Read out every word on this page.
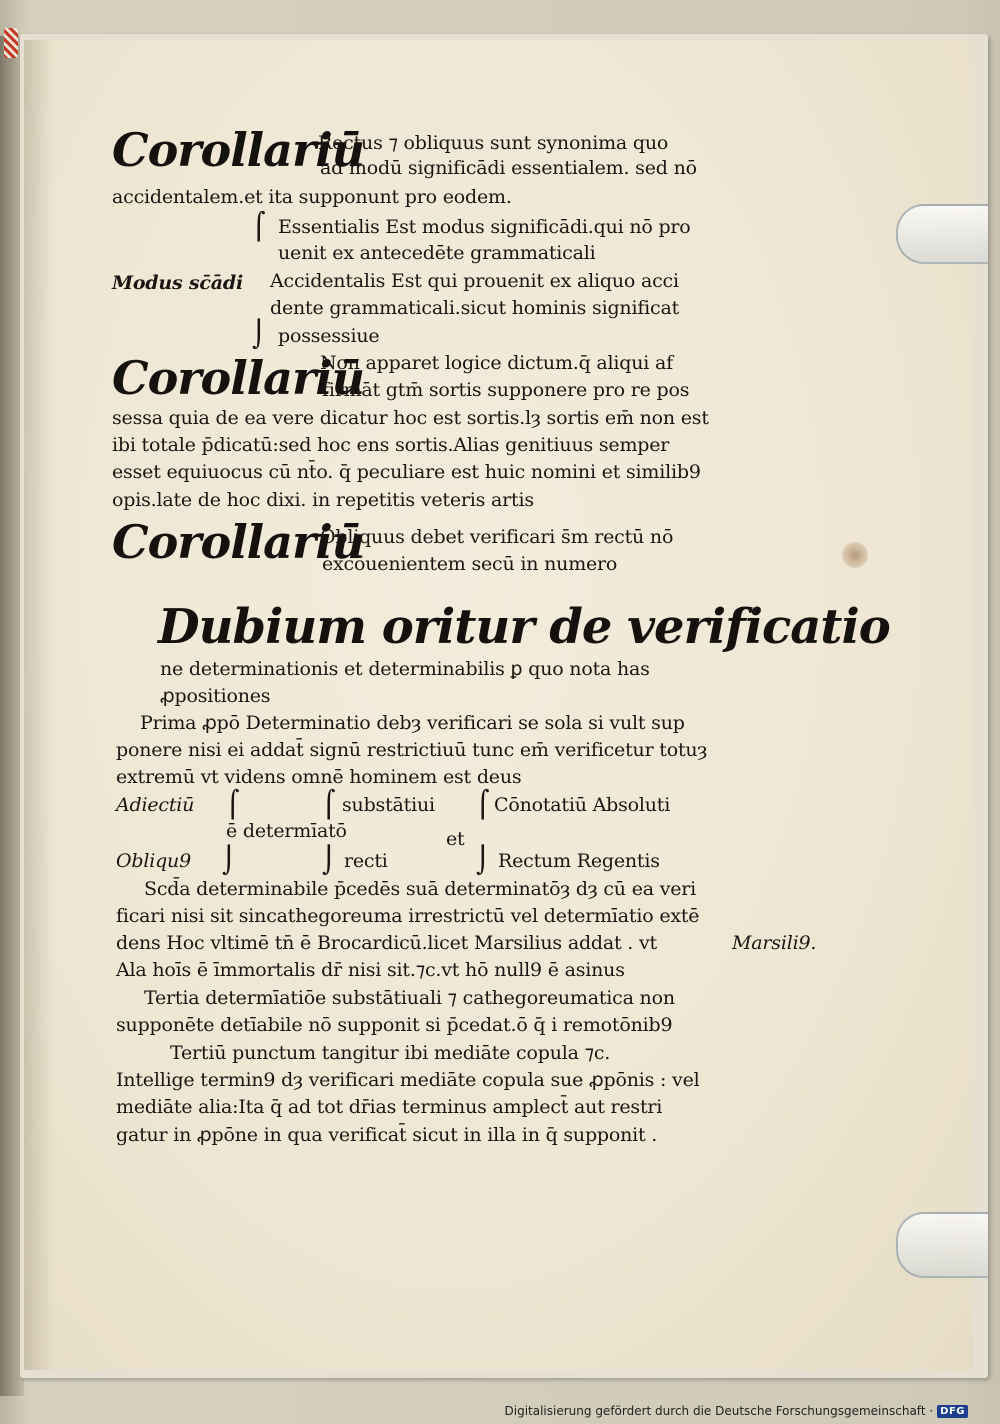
Corollariū
Rectus ⁊ obliquus sunt synonima quo
ad modū significādi essentialem. sed nō
accidentalem.et ita supponunt pro eodem.
⌠ Essentialis Est modus significādi.qui nō pro
uenit ex antecedēte grammaticali
Modus sc̄ādi Accidentalis Est qui prouenit ex aliquo acci
dente grammaticali.sicut hominis significat
⌡ possessiue
Corollariū
Non apparet logice dictum.q̄ aliqui af
firmāt gtm̄ sortis supponere pro re pos
sessa quia de ea vere dicatur hoc est sortis.lȝ sortis em̄ non est
ibi totale p̄dicatū:sed hoc ens sortis.Alias genitiuus semper
esset equiuocus cū nt̄o. q̄ peculiare est huic nomini et similib9
opis.late de hoc dixi. in repetitis veteris artis
Corollariū
Obliquus debet verificari s̄m rectū nō
excōuenientem secū in numero
Dubium oritur de verificatio
ne determinationis et determinabilis ꝑ quo nota has
ꝓpositiones
Prima ꝓpō Determinatio debȝ verificari se sola si vult sup
ponere nisi ei addat̄ signū restrictiuū tunc em̄ verificetur totuȝ
extremū vt videns omnē hominem est deus
Adiectiū ⌠	⌠ substātiui ⌠ Cōnotatiū Absoluti
ē determīatō	et
Obliqu9 ⌡	⌡ recti	⌡ Rectum Regentis
Scd̄a determinabile p̄cedēs suā determinatōȝ dȝ cū ea veri
ficari nisi sit sincathegoreuma irrestrictū vel determīatio extē
dens Hoc vltimē tn̄ ē Brocardicū.licet Marsilius addat . vt	Marsili9.
Ala hoīs ē īmmortalis dr̄ nisi sit.⁊c.vt hō null9 ē asinus
Tertia determīatiōe substātiuali ⁊ cathegoreumatica non
supponēte detīabile nō supponit si p̄cedat.ō q̄ i remotōnib9
Tertiū punctum tangitur ibi mediāte copula ⁊c.
Intellige termin9 dȝ verificari mediāte copula sue ꝓpōnis : vel
mediāte alia:Ita q̄ ad tot dr̄ias terminus amplect̄ aut restri
gatur in ꝓpōne in qua verificat̄ sicut in illa in q̄ supponit .
Digitalisierung gefördert durch die Deutsche Forschungsgemeinschaft · DFG
